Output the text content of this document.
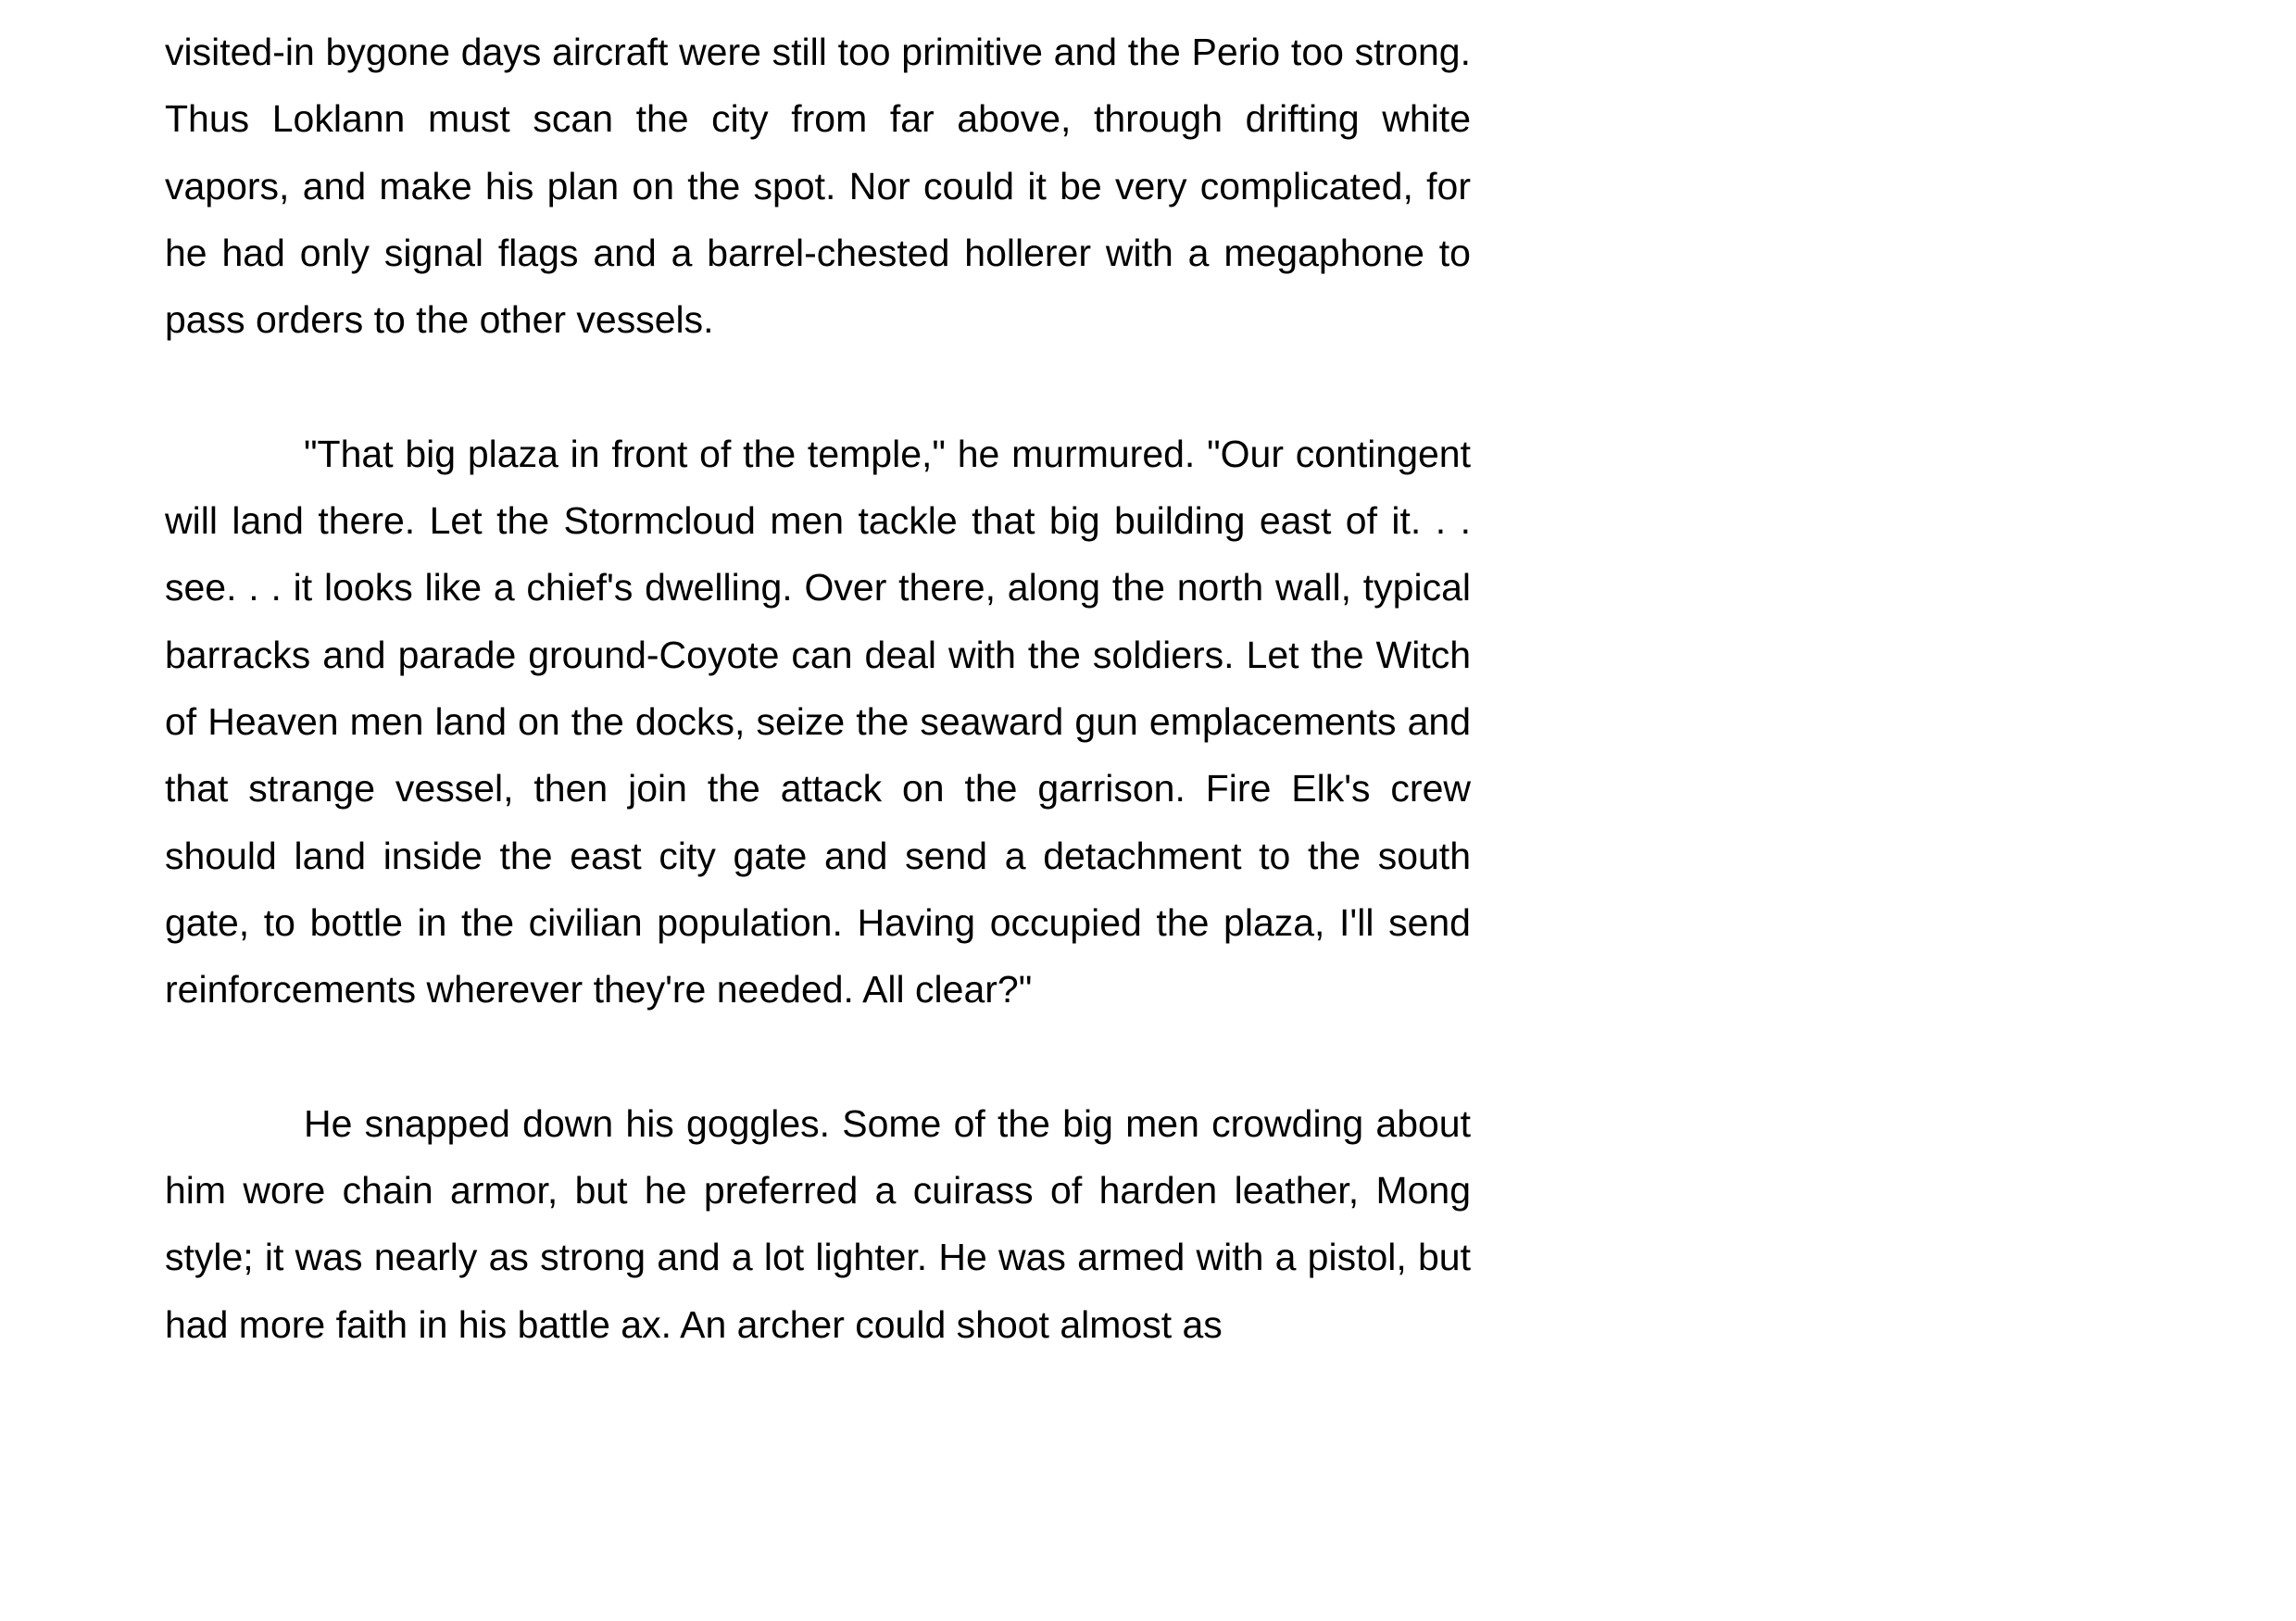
visited-in bygone days aircraft were still too primitive and the Perio too strong. Thus Loklann must scan the city from far above, through drifting white vapors, and make his plan on the spot. Nor could it be very complicated, for he had only signal flags and a barrel-chested hollerer with a megaphone to pass orders to the other vessels.

"That big plaza in front of the temple," he murmured. "Our contingent will land there. Let the Stormcloud men tackle that big building east of it. . . see. . . it looks like a chief's dwelling. Over there, along the north wall, typical barracks and parade ground-Coyote can deal with the soldiers. Let the Witch of Heaven men land on the docks, seize the seaward gun emplacements and that strange vessel, then join the attack on the garrison. Fire Elk's crew should land inside the east city gate and send a detachment to the south gate, to bottle in the civilian population. Having occupied the plaza, I'll send reinforcements wherever they're needed. All clear?"

He snapped down his goggles. Some of the big men crowding about him wore chain armor, but he preferred a cuirass of harden leather, Mong style; it was nearly as strong and a lot lighter. He was armed with a pistol, but had more faith in his battle ax. An archer could shoot almost as
